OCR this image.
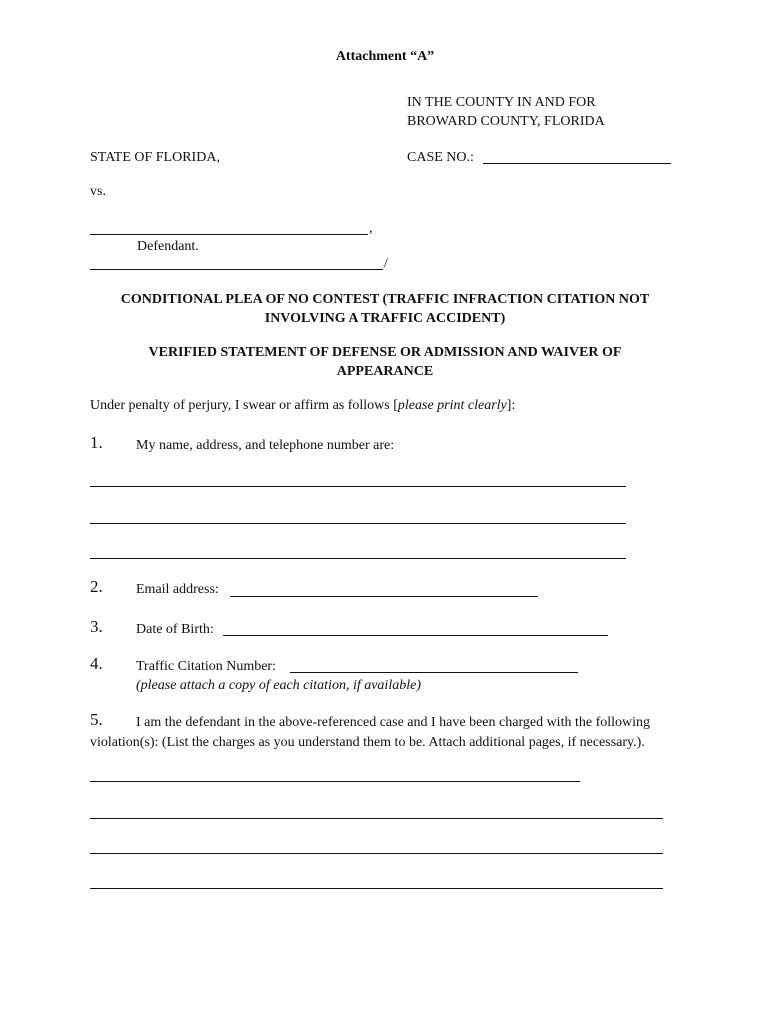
Attachment “A”
IN THE COUNTY IN AND FOR
BROWARD COUNTY, FLORIDA
STATE OF FLORIDA,	CASE NO.:
vs.
,
Defendant.
/
CONDITIONAL PLEA OF NO CONTEST (TRAFFIC INFRACTION CITATION NOT INVOLVING A TRAFFIC ACCIDENT)
VERIFIED STATEMENT OF DEFENSE OR ADMISSION AND WAIVER OF APPEARANCE
Under penalty of perjury, I swear or affirm as follows [please print clearly]:
1. My name, address, and telephone number are:
2. Email address:
3. Date of Birth:
4. Traffic Citation Number:
(please attach a copy of each citation, if available)
5.	I am the defendant in the above-referenced case and I have been charged with the following violation(s): (List the charges as you understand them to be. Attach additional pages, if necessary.).
